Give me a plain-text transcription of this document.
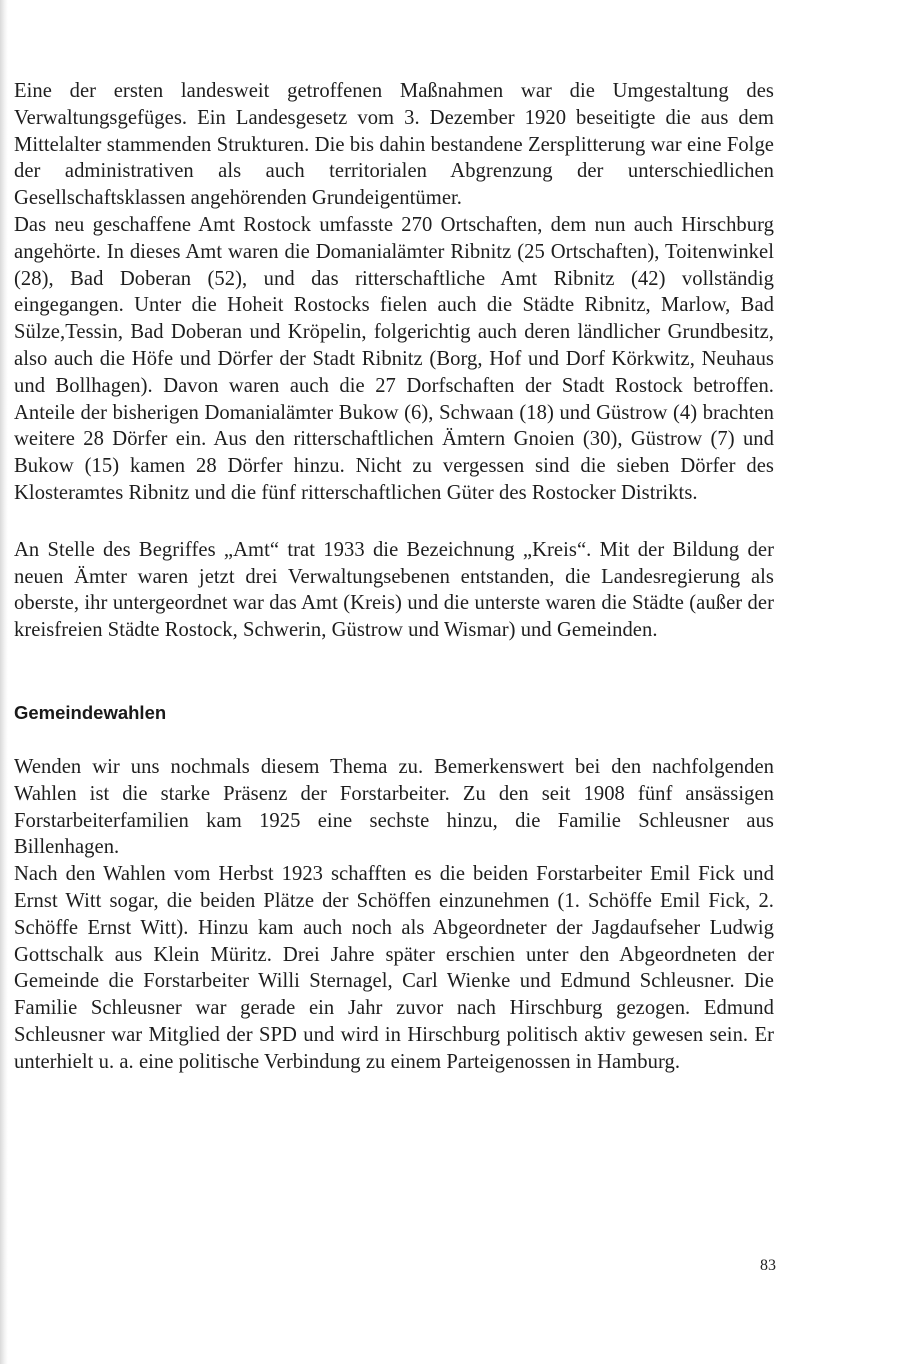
Eine der ersten landesweit getroffenen Maßnahmen war die Umgestaltung des Verwaltungsgefüges. Ein Landesgesetz vom 3. Dezember 1920 beseitigte die aus dem Mittelalter stammenden Strukturen. Die bis dahin bestandene Zersplitterung war eine Folge der administrativen als auch territorialen Abgrenzung der unterschiedlichen Gesellschaftsklassen angehörenden Grundeigentümer.

Das neu geschaffene Amt Rostock umfasste 270 Ortschaften, dem nun auch Hirschburg angehörte. In dieses Amt waren die Domanialämter Ribnitz (25 Ortschaften), Toitenwinkel (28), Bad Doberan (52), und das ritterschaftliche Amt Ribnitz (42) vollständig eingegangen. Unter die Hoheit Rostocks fielen auch die Städte Ribnitz, Marlow, Bad Sülze,Tessin, Bad Doberan und Kröpelin, folgerichtig auch deren ländlicher Grundbesitz, also auch die Höfe und Dörfer der Stadt Ribnitz (Borg, Hof und Dorf Körkwitz, Neuhaus und Bollhagen). Davon waren auch die 27 Dorfschaften der Stadt Rostock betroffen. Anteile der bisherigen Domanialämter Bukow (6), Schwaan (18) und Güstrow (4) brachten weitere 28 Dörfer ein. Aus den ritterschaftlichen Ämtern Gnoien (30), Güstrow (7) und Bukow (15) kamen 28 Dörfer hinzu. Nicht zu vergessen sind die sieben Dörfer des Klosteramtes Ribnitz und die fünf ritterschaftlichen Güter des Rostocker Distrikts.

An Stelle des Begriffes „Amt“ trat 1933 die Bezeichnung „Kreis“. Mit der Bildung der neuen Ämter waren jetzt drei Verwaltungsebenen entstanden, die Landesregierung als oberste, ihr untergeordnet war das Amt (Kreis) und die unterste waren die Städte (außer der kreisfreien Städte Rostock, Schwerin, Güstrow und Wismar) und Gemeinden.

Gemeindewahlen

Wenden wir uns nochmals diesem Thema zu. Bemerkenswert bei den nachfolgenden Wahlen ist die starke Präsenz der Forstarbeiter. Zu den seit 1908 fünf ansässigen Forstarbeiterfamilien kam 1925 eine sechste hinzu, die Familie Schleusner aus Billenhagen.

Nach den Wahlen vom Herbst 1923 schafften es die beiden Forstarbeiter Emil Fick und Ernst Witt sogar, die beiden Plätze der Schöffen einzunehmen (1. Schöffe Emil Fick, 2. Schöffe Ernst Witt). Hinzu kam auch noch als Abgeordneter der Jagdaufseher Ludwig Gottschalk aus Klein Müritz. Drei Jahre später erschien unter den Abgeordneten der Gemeinde die Forstarbeiter Willi Sternagel, Carl Wienke und Edmund Schleusner. Die Familie Schleusner war gerade ein Jahr zuvor nach Hirschburg gezogen. Edmund Schleusner war Mitglied der SPD und wird in Hirschburg politisch aktiv gewesen sein. Er unterhielt u. a. eine politische Verbindung zu einem Parteigenossen in Hamburg.

83
